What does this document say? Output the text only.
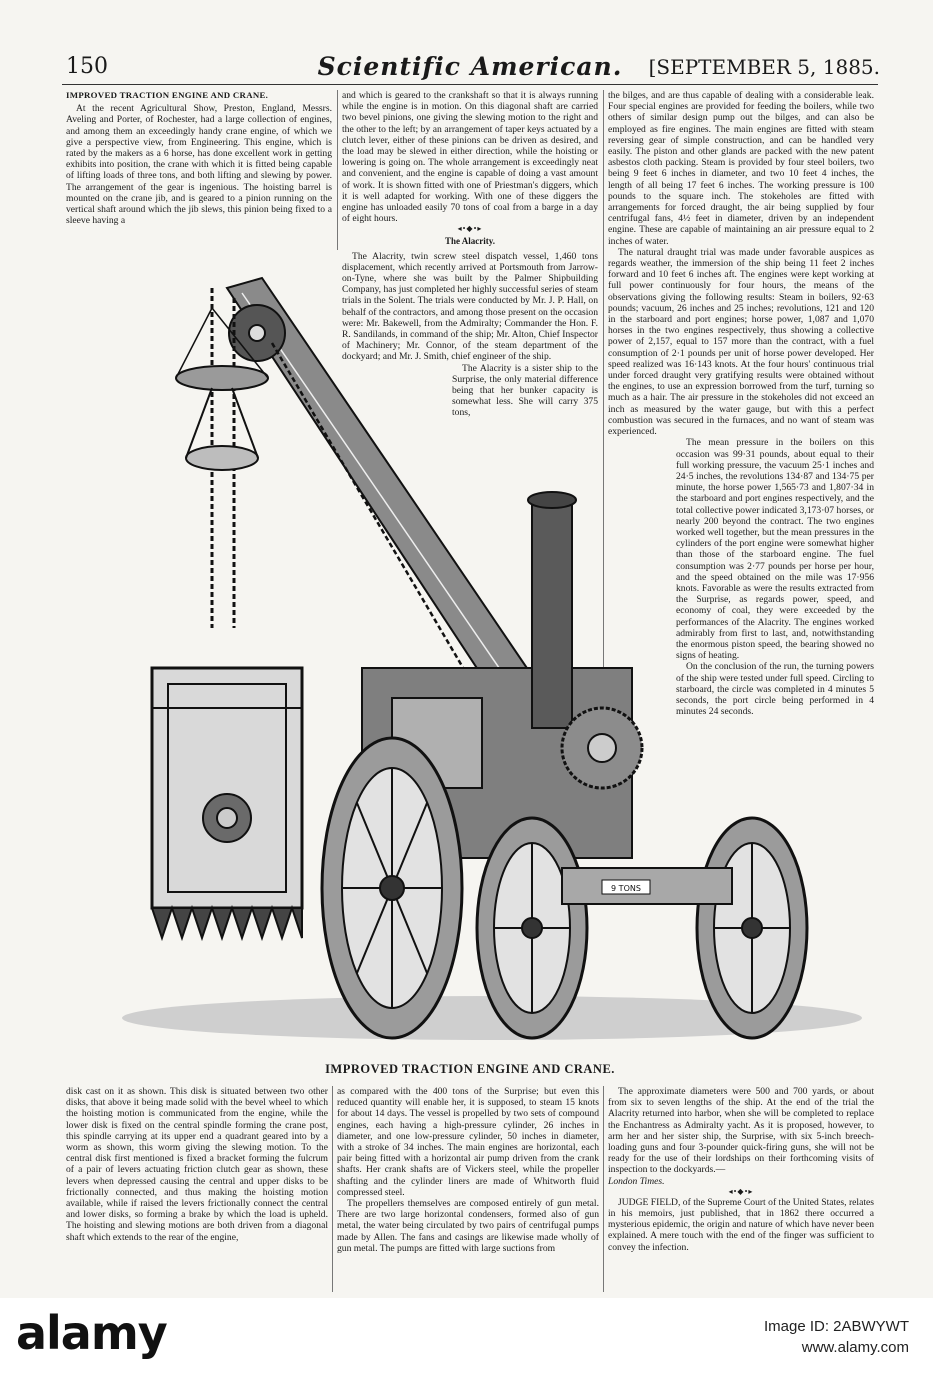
150	Scientific American.	[SEPTEMBER 5, 1885.
IMPROVED TRACTION ENGINE AND CRANE.

At the recent Agricultural Show, Preston, England, Messrs. Aveling and Porter, of Rochester, had a large collection of engines, and among them an exceedingly handy crane engine, of which we give a perspective view, from Engineering. This engine, which is rated by the makers as a 6 horse, has done excellent work in getting exhibits into position, the crane with which it is fitted being capable of lifting loads of three tons, and both lifting and slewing by power. The arrangement of the gear is ingenious. The hoisting barrel is mounted on the crane jib, and is geared to a pinion running on the vertical shaft around which the jib slews, this pinion being fixed to a sleeve having a

and which is geared to the crankshaft so that it is always running while the engine is in motion. On this diagonal shaft are carried two bevel pinions, one giving the slewing motion to the right and the other to the left; by an arrangement of taper keys actuated by a clutch lever, either of these pinions can be driven as desired, and the load may be slewed in either direction, while the hoisting or lowering is going on. The whole arrangement is exceedingly neat and convenient, and the engine is capable of doing a vast amount of work. It is shown fitted with one of Priestman's diggers, which it is well adapted for working. With one of these diggers the engine has unloaded easily 70 tons of coal from a barge in a day of eight hours.

◂•◆•▸
The Alacrity.

The Alacrity, twin screw steel dispatch vessel, 1,460 tons displacement, which recently arrived at Portsmouth from Jarrow-on-Tyne, where she was built by the Palmer Shipbuilding Company, has just completed her highly successful series of steam trials in the Solent. The trials were conducted by Mr. J. P. Hall, on behalf of the contractors, and among those present on the occasion were: Mr. Bakewell, from the Admiralty; Commander the Hon. F. R. Sandilands, in command of the ship; Mr. Alton, Chief Inspector of Machinery; Mr. Connor, of the steam department of the dockyard; and Mr. J. Smith, chief engineer of the ship.

The Alacrity is a sister ship to the Surprise, the only material difference being that her bunker capacity is somewhat less. She will carry 375 tons,

the bilges, and are thus capable of dealing with a considerable leak. Four special engines are provided for feeding the boilers, while two others of similar design pump out the bilges, and can also be employed as fire engines. The main engines are fitted with steam reversing gear of simple construction, and can be handled very easily. The piston and other glands are packed with the new patent asbestos cloth packing. Steam is provided by four steel boilers, two being 9 feet 6 inches in diameter, and two 10 feet 4 inches, the length of all being 17 feet 6 inches. The working pressure is 100 pounds to the square inch. The stokeholes are fitted with arrangements for forced draught, the air being supplied by four centrifugal fans, 4½ feet in diameter, driven by an independent engine. These are capable of maintaining an air pressure equal to 2 inches of water.

The natural draught trial was made under favorable auspices as regards weather, the immersion of the ship being 11 feet 2 inches forward and 10 feet 6 inches aft. The engines were kept working at full power continuously for four hours, the means of the observations giving the following results: Steam in boilers, 92·63 pounds; vacuum, 26 inches and 25 inches; revolutions, 121 and 120 in the starboard and port engines; horse power, 1,087 and 1,070 horses in the two engines respectively, thus showing a collective power of 2,157, equal to 157 more than the contract, with a fuel consumption of 2·1 pounds per unit of horse power developed. Her speed realized was 16·143 knots. At the four hours' continuous trial under forced draught very gratifying results were obtained without the engines, to use an expression borrowed from the turf, turning so much as a hair. The air pressure in the stokeholes did not exceed an inch as measured by the water gauge, but with this a perfect combustion was secured in the furnaces, and no want of steam was experienced.

The mean pressure in the boilers on this occasion was 99·31 pounds, about equal to their full working pressure, the vacuum 25·1 inches and 24·5 inches, the revolutions 134·87 and 134·75 per minute, the horse power 1,565·73 and 1,807·34 in the starboard and port engines respectively, and the total collective power indicated 3,173·07 horses, or nearly 200 beyond the contract. The two engines worked well together, but the mean pressures in the cylinders of the port engine were somewhat higher than those of the starboard engine. The fuel consumption was 2·77 pounds per horse per hour, and the speed obtained on the mile was 17·956 knots. Favorable as were the results extracted from the Surprise, as regards power, speed, and economy of coal, they were exceeded by the performances of the Alacrity. The engines worked admirably from first to last, and, notwithstanding the enormous piston speed, the bearing showed no signs of heating.

On the conclusion of the run, the turning powers of the ship were tested under full speed. Circling to starboard, the circle was completed in 4 minutes 5 seconds, the port circle being performed in 4 minutes 24 seconds.

9 TONS
IMPROVED TRACTION ENGINE AND CRANE.

disk cast on it as shown. This disk is situated between two other disks, that above it being made solid with the bevel wheel to which the hoisting motion is communicated from the engine, while the lower disk is fixed on the central spindle forming the crane post, this spindle carrying at its upper end a quadrant geared into by a worm as shown, this worm giving the slewing motion. To the central disk first mentioned is fixed a bracket forming the fulcrum of a pair of levers actuating friction clutch gear as shown, these levers when depressed causing the central and upper disks to be frictionally connected, and thus making the hoisting motion available, while if raised the levers frictionally connect the central and lower disks, so forming a brake by which the load is upheld. The hoisting and slewing motions are both driven from a diagonal shaft which extends to the rear of the engine,

as compared with the 400 tons of the Surprise; but even this reduced quantity will enable her, it is supposed, to steam 15 knots for about 14 days. The vessel is propelled by two sets of compound engines, each having a high-pressure cylinder, 26 inches in diameter, and one low-pressure cylinder, 50 inches in diameter, with a stroke of 34 inches. The main engines are horizontal, each pair being fitted with a horizontal air pump driven from the crank shafts. Her crank shafts are of Vickers steel, while the propeller shafting and the cylinder liners are made of Whitworth fluid compressed steel.

The propellers themselves are composed entirely of gun metal. There are two large horizontal condensers, formed also of gun metal, the water being circulated by two pairs of centrifugal pumps made by Allen. The fans and casings are likewise made wholly of gun metal. The pumps are fitted with large suctions from

The approximate diameters were 500 and 700 yards, or about from six to seven lengths of the ship. At the end of the trial the Alacrity returned into harbor, when she will be completed to replace the Enchantress as Admiralty yacht. As it is proposed, however, to arm her and her sister ship, the Surprise, with six 5-inch breech-loading guns and four 3-pounder quick-firing guns, she will not be ready for the use of their lordships on their forthcoming visits of inspection to the dockyards.—

London Times.

◂•◆•▸

JUDGE FIELD, of the Supreme Court of the United States, relates in his memoirs, just published, that in 1862 there occurred a mysterious epidemic, the origin and nature of which have never been explained. A mere touch with the end of the finger was sufficient to convey the infection.

alamy	Image ID: 2ABWYWT
www.alamy.com
